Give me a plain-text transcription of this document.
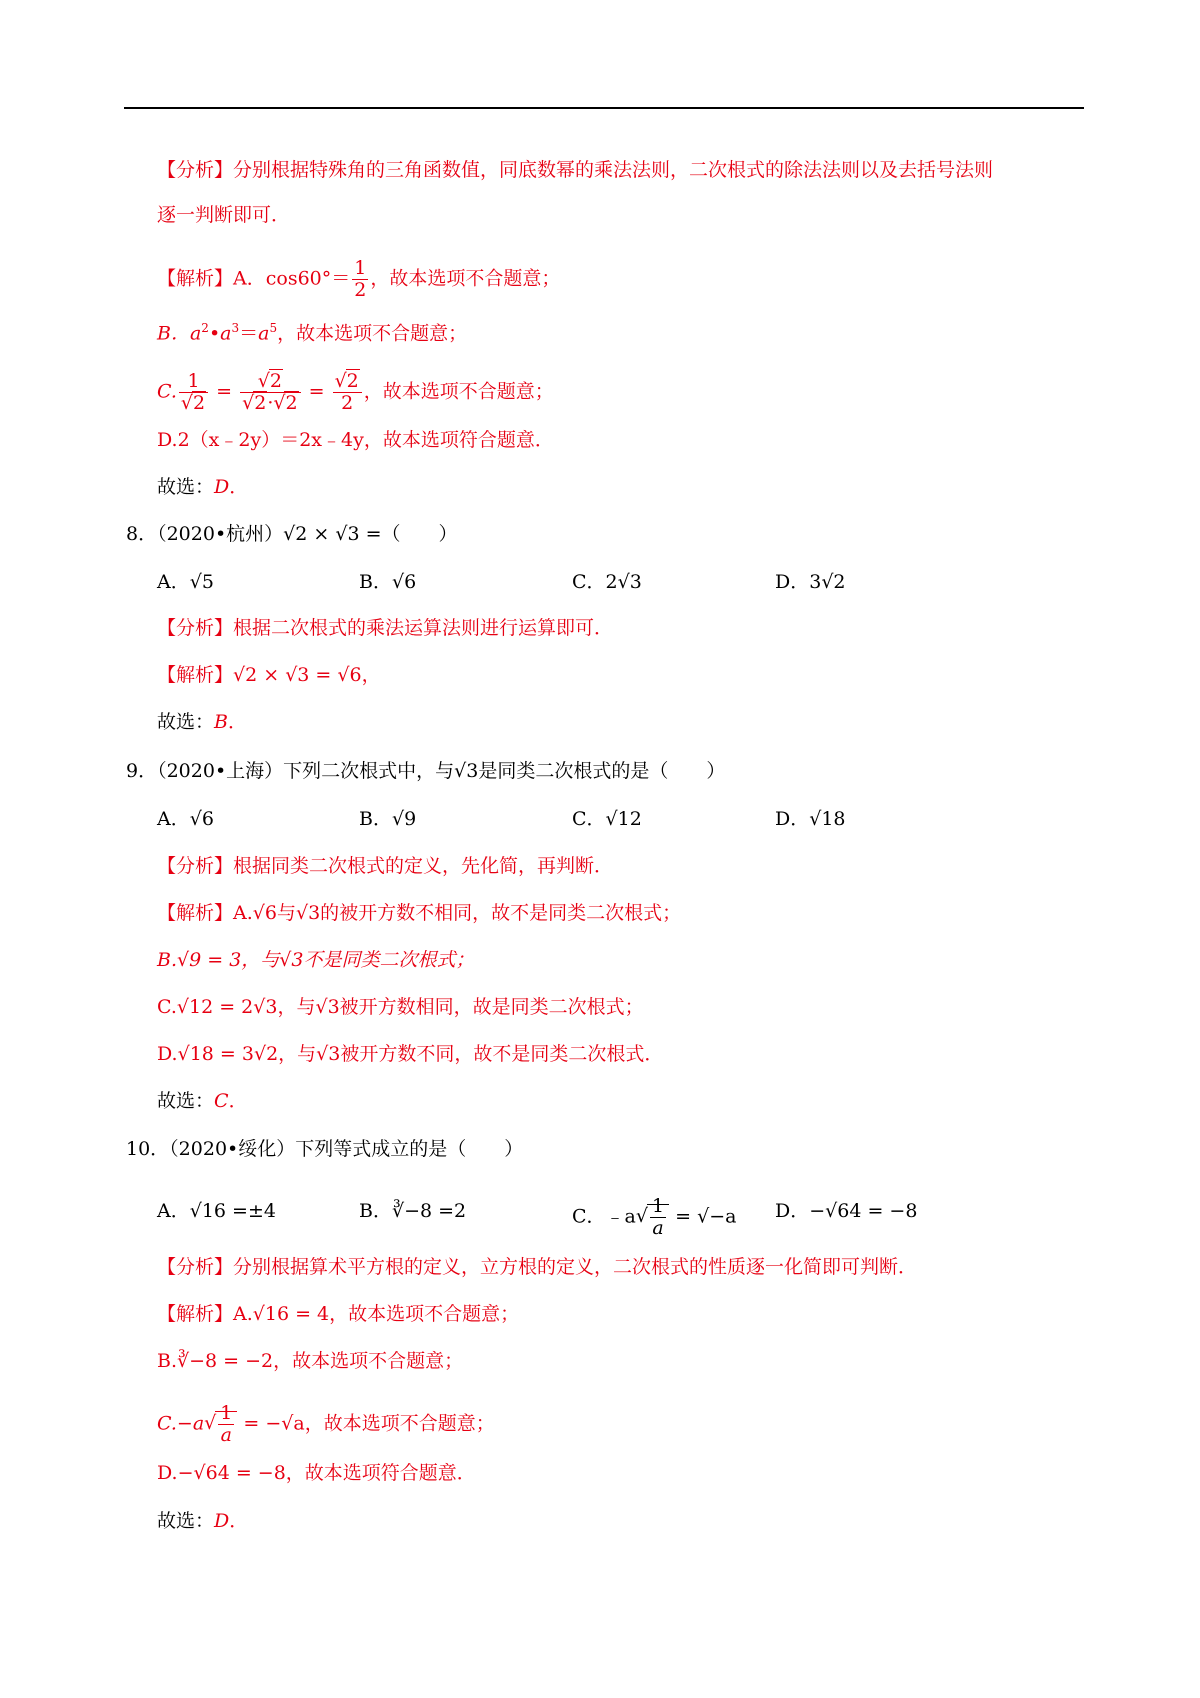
【分析】分别根据特殊角的三角函数值，同底数幂的乘法法则，二次根式的除法法则以及去括号法则
逐一判断即可．
【解析】A．$\cos 60^\circ= \frac{1}{2}$ ，故本选项不合题意；
B．$a^2•a^3=a^5$，故本选项不合题意；
C. $\frac{1}{√2} = \frac{√2}{√2\cdot√2} = \frac{√2}{2}$ ，故本选项不合题意；
D.2（x﹣2y）＝2x﹣4y，故本选项符合题意．
故选：D．
8．（2020•杭州）√2 × √3 =（　　）
A．√5	B．√6	C．2√3	D．3√2
【分析】根据二次根式的乘法运算法则进行运算即可．
【解析】√2 × √3 = √6，
故选：B．
9．（2020•上海）下列二次根式中，与√3是同类二次根式的是（　　）
A．√6	B．√9	C．√12	D．√18
【分析】根据同类二次根式的定义，先化简，再判断．
【解析】A.√6与√3的被开方数不相同，故不是同类二次根式；
B.√9 = 3，与√3不是同类二次根式；
C.√12 = 2√3，与√3被开方数相同，故是同类二次根式；
D.√18 = 3√2，与√3被开方数不同，故不是同类二次根式．
故选：C．
10．（2020•绥化）下列等式成立的是（　　）
A．√16 =±4	B．∛−8 =2	C．﹣a√ $\frac{1}{a} = √-a$ D．−√64 = −8
【分析】分别根据算术平方根的定义，立方根的定义，二次根式的性质逐一化简即可判断．
【解析】A.√16 = 4，故本选项不合题意；
B.∛−8 = −2，故本选项不合题意；
$C.-a√ \frac{1}{a} = -√a$，故本选项不合题意；
D.−√64 = −8，故本选项符合题意．
故选：D．
